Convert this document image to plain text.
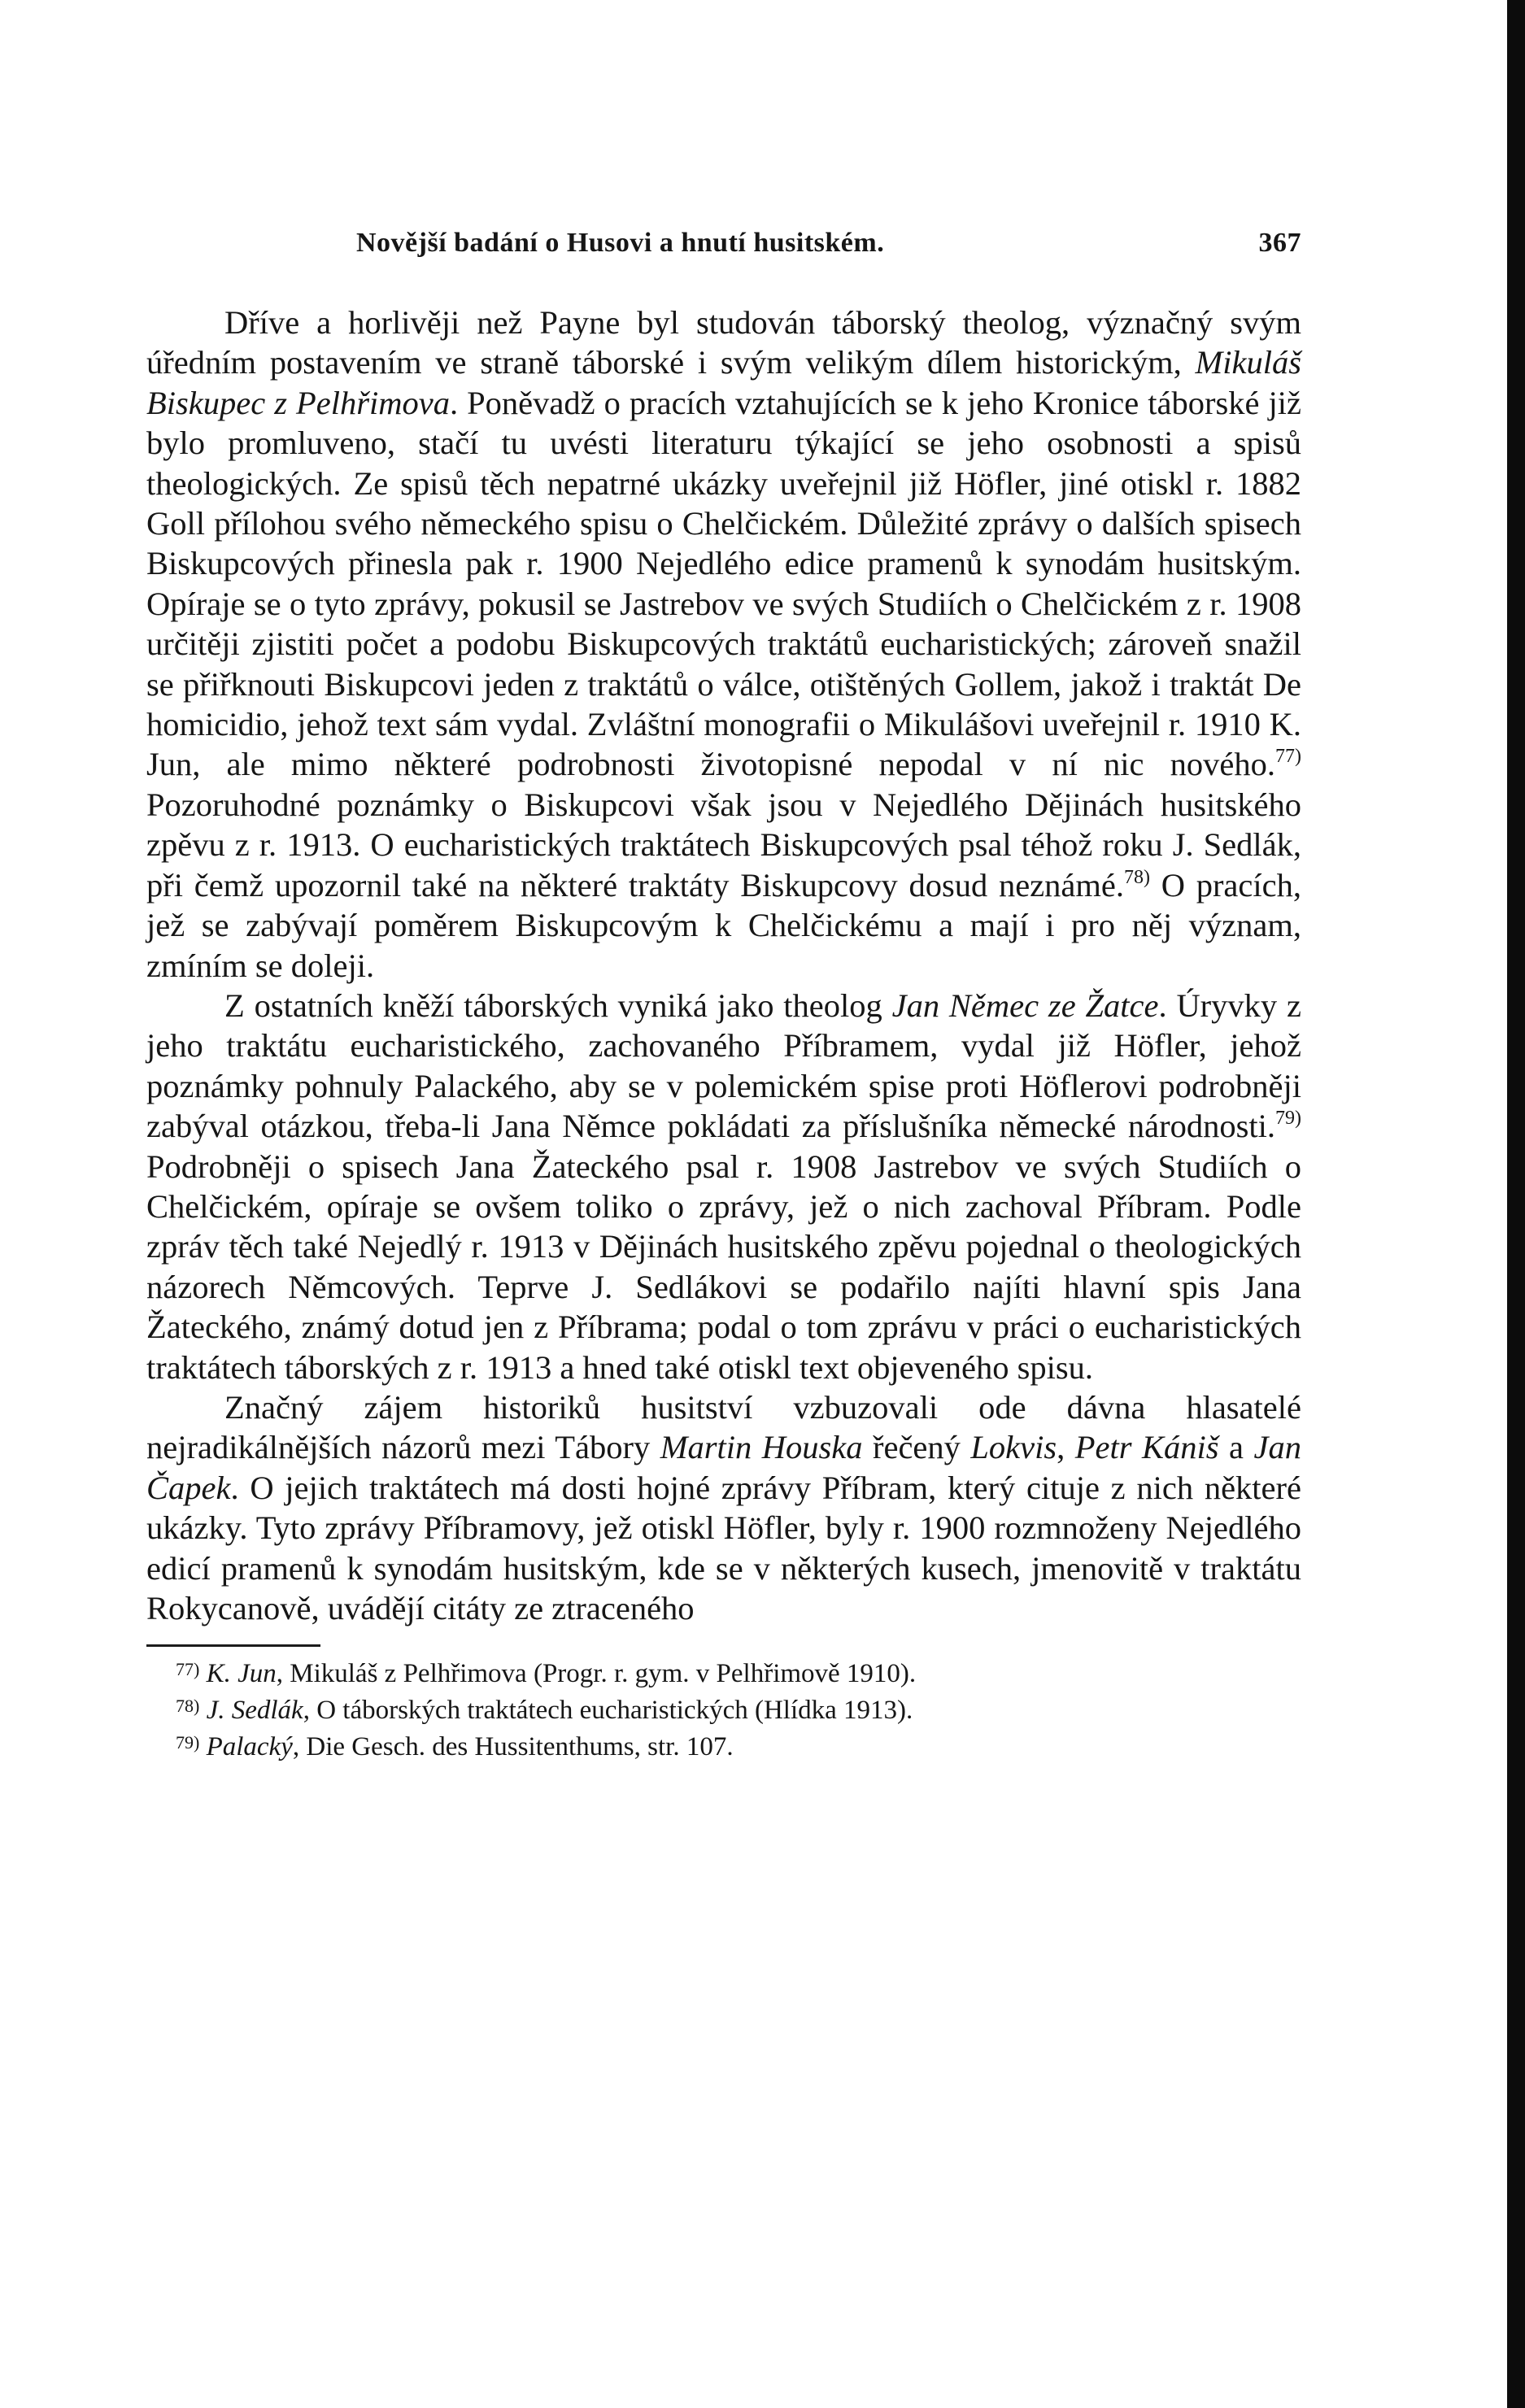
Novější badání o Husovi a hnutí husitském.	367

Dříve a horlivěji než Payne byl studován táborský theolog, význačný svým úředním postavením ve straně táborské i svým velikým dílem historickým, Mikuláš Biskupec z Pelhřimova. Poněvadž o pracích vztahujících se k jeho Kronice táborské již bylo promluveno, stačí tu uvésti literaturu týkající se jeho osobnosti a spisů theologických. Ze spisů těch nepatrné ukázky uveřejnil již Höfler, jiné otiskl r. 1882 Goll přílohou svého německého spisu o Chelčickém. Důležité zprávy o dalších spisech Biskupcových přinesla pak r. 1900 Nejedlého edice pramenů k synodám husitským. Opíraje se o tyto zprávy, pokusil se Jastrebov ve svých Studiích o Chelčickém z r. 1908 určitěji zjistiti počet a podobu Biskupcových traktátů eucharistických; zároveň snažil se přiřknouti Biskupcovi jeden z traktátů o válce, otištěných Gollem, jakož i traktát De homicidio, jehož text sám vydal. Zvláštní monografii o Mikulášovi uveřejnil r. 1910 K. Jun, ale mimo některé podrobnosti životopisné nepodal v ní nic nového.$^{77)}$ Pozoruhodné poznámky o Biskupcovi však jsou v Nejedlého Dějinách husitského zpěvu z r. 1913. O eucharistických traktátech Biskupcových psal téhož roku J. Sedlák, při čemž upozornil také na některé traktáty Biskupcovy dosud neznámé.$^{78)}$ O pracích, jež se zabývají poměrem Biskupcovým k Chelčickému a mají i pro něj význam, zmíním se doleji.

Z ostatních kněží táborských vyniká jako theolog Jan Němec ze Žatce. Úryvky z jeho traktátu eucharistického, zachovaného Příbramem, vydal již Höfler, jehož poznámky pohnuly Palackého, aby se v polemickém spise proti Höflerovi podrobněji zabýval otázkou, třeba-li Jana Němce pokládati za příslušníka německé národnosti.$^{79)}$ Podrobněji o spisech Jana Žateckého psal r. 1908 Jastrebov ve svých Studiích o Chelčickém, opíraje se ovšem toliko o zprávy, jež o nich zachoval Příbram. Podle zpráv těch také Nejedlý r. 1913 v Dějinách husitského zpěvu pojednal o theologických názorech Němcových. Teprve J. Sedlákovi se podařilo najíti hlavní spis Jana Žateckého, známý dotud jen z Příbrama; podal o tom zprávu v práci o eucharistických traktátech táborských z r. 1913 a hned také otiskl text objeveného spisu.

Značný zájem historiků husitství vzbuzovali ode dávna hlasatelé nejradikálnějších názorů mezi Tábory Martin Houska řečený Lokvis, Petr Kániš a Jan Čapek. O jejich traktátech má dosti hojné zprávy Příbram, který cituje z nich některé ukázky. Tyto zprávy Příbramovy, jež otiskl Höfler, byly r. 1900 rozmnoženy Nejedlého edicí pramenů k synodám husitským, kde se v některých kusech, jmenovitě v traktátu Rokycanově, uvádějí citáty ze ztraceného

$^{77)}$ K. Jun, Mikuláš z Pelhřimova (Progr. r. gym. v Pelhřimově 1910).
$^{78)}$ J. Sedlák, O táborských traktátech eucharistických (Hlídka 1913).
$^{79)}$ Palacký, Die Gesch. des Hussitenthums, str. 107.
